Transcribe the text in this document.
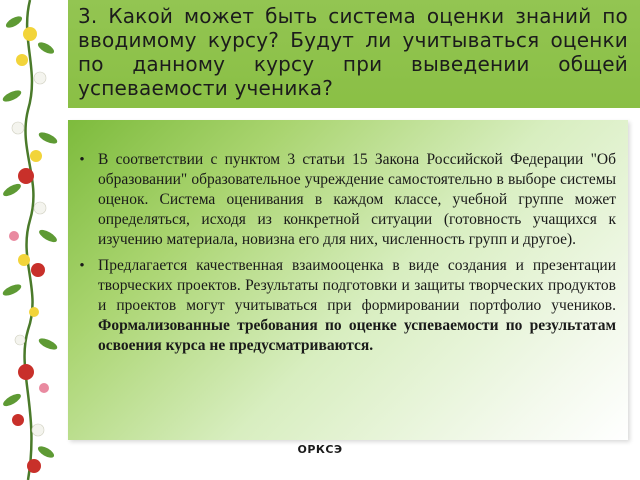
3. Какой может быть система оценки знаний по вводимому курсу? Будут ли учитываться оценки по данному курсу при выведении общей успеваемости ученика?
• В соответствии с пунктом 3 статьи 15 Закона Российской Федерации "Об образовании" образовательное учреждение самостоятельно в выборе системы оценок. Система оценивания в каждом классе, учебной группе может определяться, исходя из конкретной ситуации (готовность учащихся к изучению материала, новизна его для них, численность групп и другое).
• Предлагается качественная взаимооценка в виде создания и презентации творческих проектов. Результаты подготовки и защиты творческих продуктов и проектов могут учитываться при формировании портфолио учеников. Формализованные требования по оценке успеваемости по результатам освоения курса не предусматриваются.
ОРКСЭ
